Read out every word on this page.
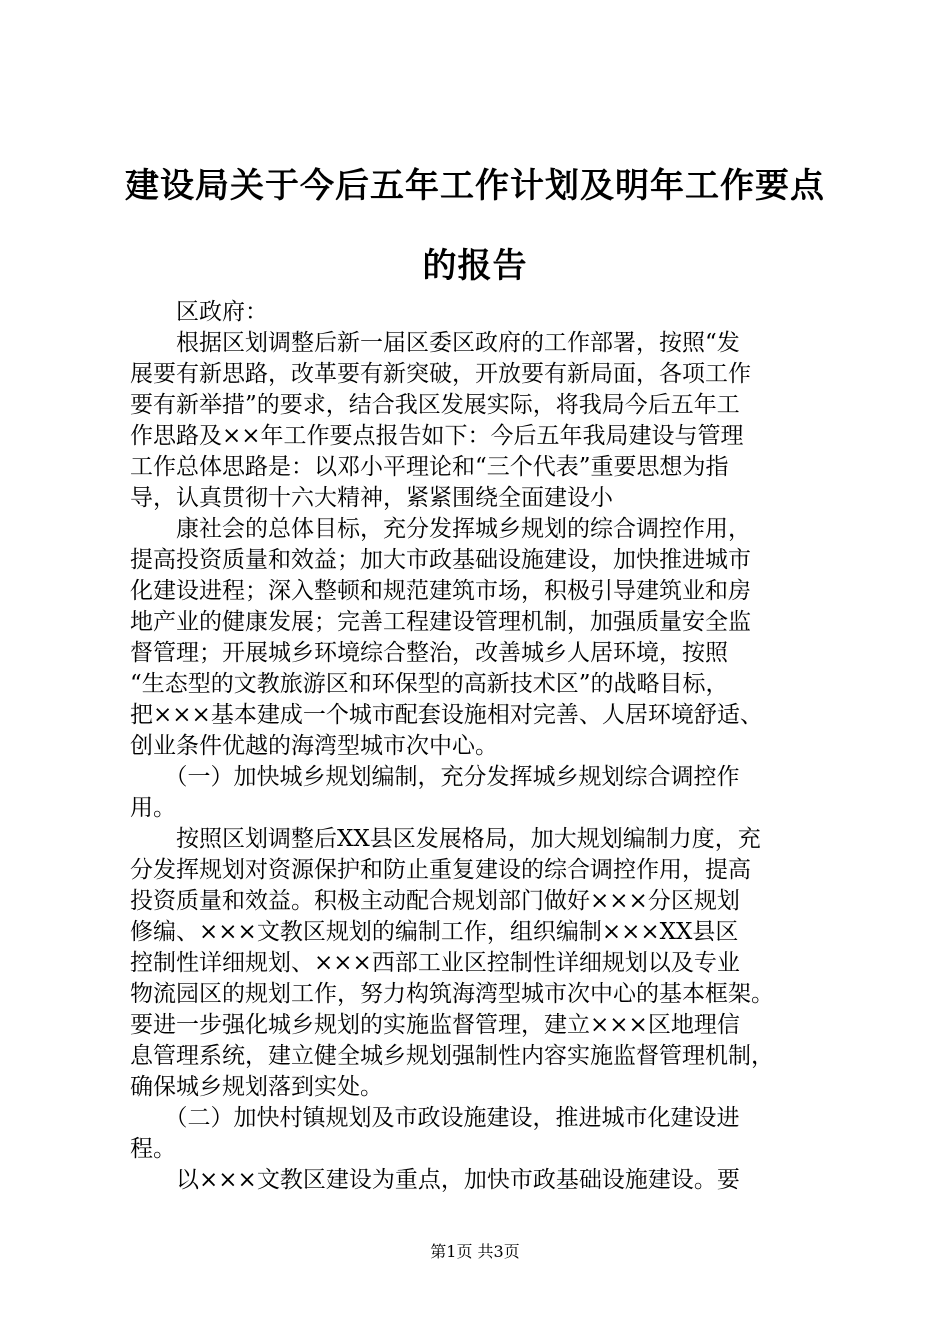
建设局关于今后五年工作计划及明年工作要点
的报告
　　区政府：
　　根据区划调整后新一届区委区政府的工作部署，按照“发
展要有新思路，改革要有新突破，开放要有新局面，各项工作
要有新举措”的要求，结合我区发展实际，将我局今后五年工
作思路及××年工作要点报告如下：今后五年我局建设与管理
工作总体思路是：以邓小平理论和“三个代表”重要思想为指
导，认真贯彻十六大精神，紧紧围绕全面建设小
　　康社会的总体目标，充分发挥城乡规划的综合调控作用，
提高投资质量和效益；加大市政基础设施建设，加快推进城市
化建设进程；深入整顿和规范建筑市场，积极引导建筑业和房
地产业的健康发展；完善工程建设管理机制，加强质量安全监
督管理；开展城乡环境综合整治，改善城乡人居环境，按照
“生态型的文教旅游区和环保型的高新技术区”的战略目标，
把×××基本建成一个城市配套设施相对完善、人居环境舒适、
创业条件优越的海湾型城市次中心。
　　（一）加快城乡规划编制，充分发挥城乡规划综合调控作
用。
　　按照区划调整后XX县区发展格局，加大规划编制力度，充
分发挥规划对资源保护和防止重复建设的综合调控作用，提高
投资质量和效益。积极主动配合规划部门做好×××分区规划
修编、×××文教区规划的编制工作，组织编制×××XX县区
控制性详细规划、×××西部工业区控制性详细规划以及专业
物流园区的规划工作，努力构筑海湾型城市次中心的基本框架。
要进一步强化城乡规划的实施监督管理，建立×××区地理信
息管理系统，建立健全城乡规划强制性内容实施监督管理机制，
确保城乡规划落到实处。
　　（二）加快村镇规划及市政设施建设，推进城市化建设进
程。
　　以×××文教区建设为重点，加快市政基础设施建设。要
第1页 共3页
